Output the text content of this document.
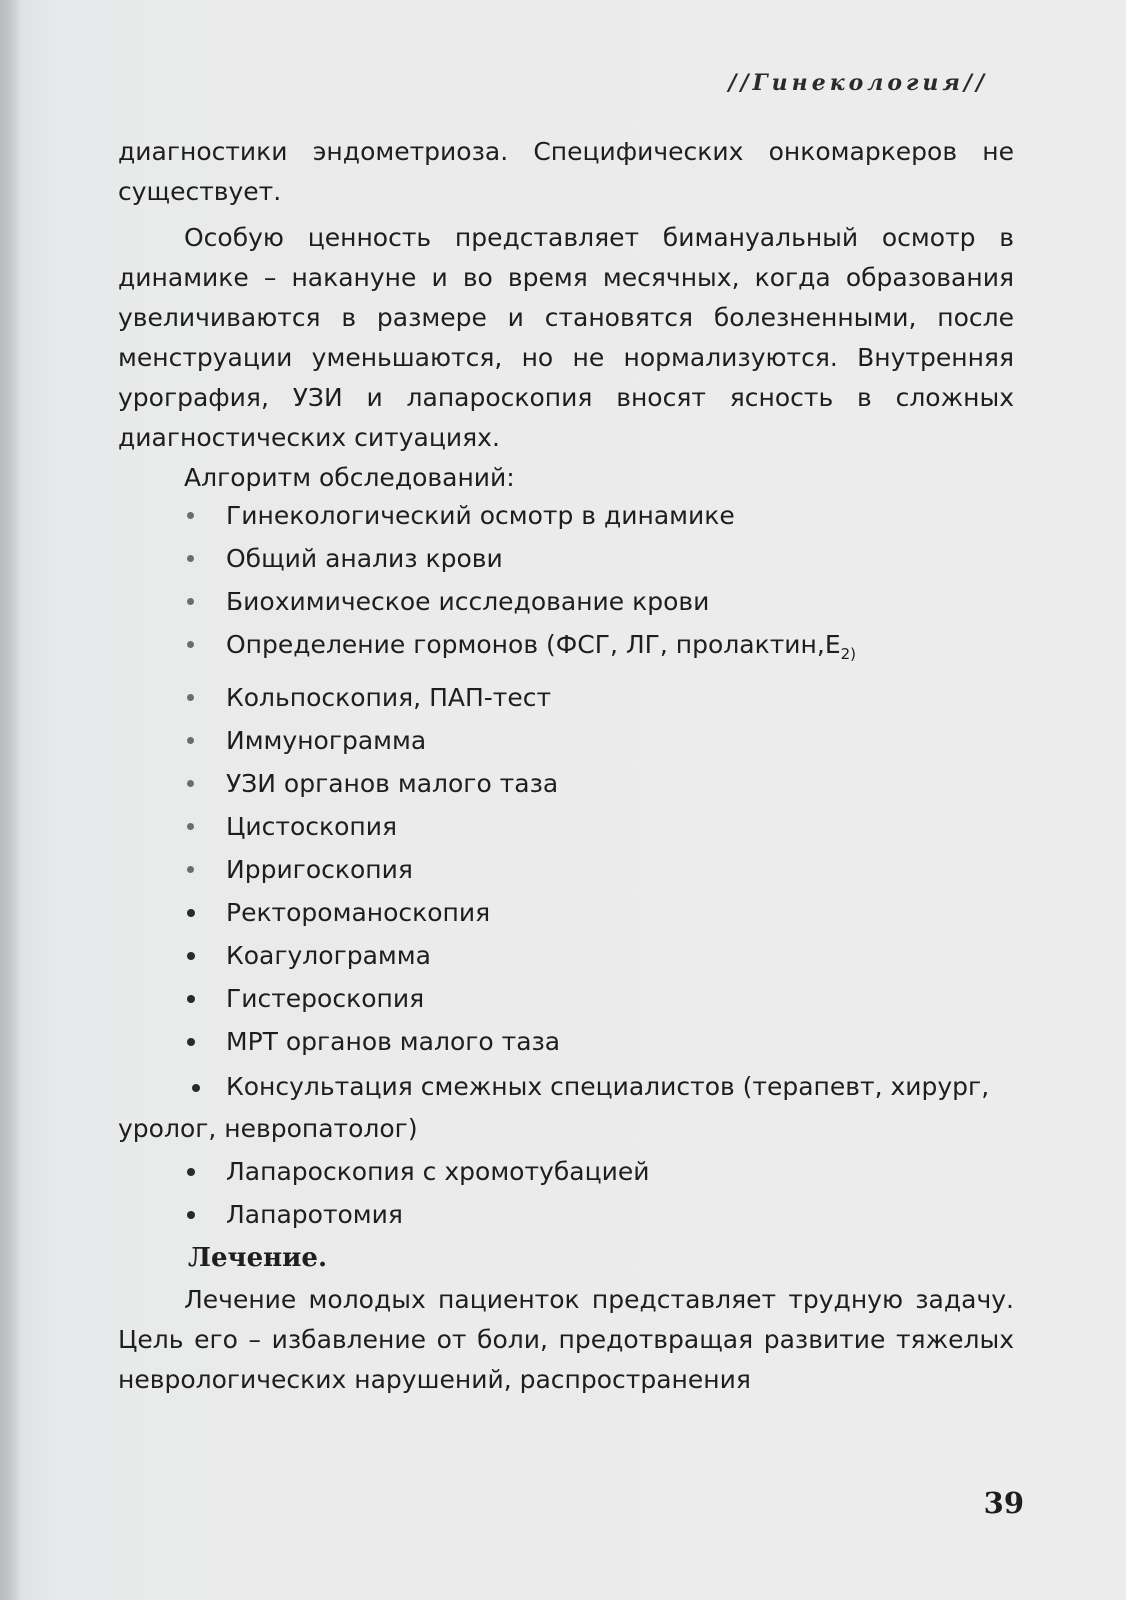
//Гинекология//

диагностики эндометриоза. Специфических онкомаркеров не существует.

Особую ценность представляет бимануальный осмотр в динамике – накануне и во время месячных, когда образования увеличиваются в размере и становятся болезненными, после менструации уменьшаются, но не нормализуются. Внутренняя урография, УЗИ и лапароскопия вносят ясность в сложных диагностических ситуациях.

Алгоритм обследований:

Гинекологический осмотр в динамике
Общий анализ крови
Биохимическое исследование крови
Определение гормонов (ФСГ, ЛГ, $пролактин,Е_{2)}$
Кольпоскопия, ПАП-тест
Иммунограмма
УЗИ органов малого таза
Цистоскопия
Ирригоскопия
Ректороманоскопия
Коагулограмма
Гистероскопия
МРТ органов малого таза
Консультация смежных специалистов (терапевт, хирург,
уролог, невропатолог)
Лапароскопия с хромотубацией
Лапаротомия
Лечение.

Лечение молодых пациенток представляет трудную задачу. Цель его – избавление от боли, предотвращая развитие тяжелых неврологических нарушений, распространения

39
